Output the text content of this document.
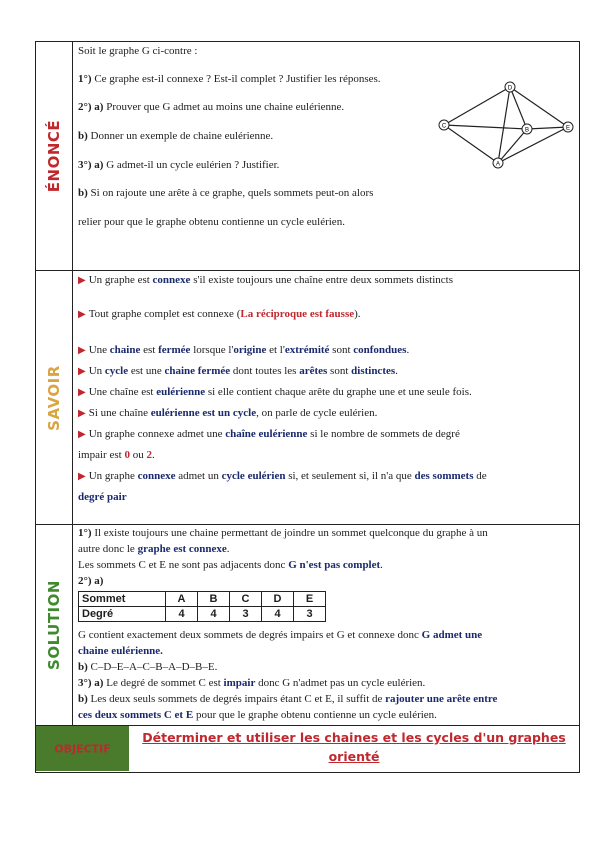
ÉNONCÉ
Soit le graphe G ci-contre :
1°) Ce graphe est-il connexe ? Est-il complet ? Justifier les réponses.
2°) a) Prouver que G admet au moins une chaine eulérienne.
b) Donner un exemple de chaine eulérienne.
3°) a) G admet-il un cycle eulérien ? Justifier.
b) Si on rajoute une arête à ce graphe, quels sommets peut-on alors
relier pour que le graphe obtenu contienne un cycle eulérien.
D
C
B	E
A
SAVOIR
▶ Un graphe est connexe s'il existe toujours une chaîne entre deux sommets distincts
▶ Tout graphe complet est connexe (La réciproque est fausse).
▶ Une chaine est fermée lorsque l'origine et l'extrémité sont confondues.
▶ Un cycle est une chaine fermée dont toutes les arêtes sont distinctes.
▶ Une chaîne est eulérienne si elle contient chaque arête du graphe une et une seule fois.
▶ Si une chaîne eulérienne est un cycle, on parle de cycle eulérien.
▶ Un graphe connexe admet une chaîne eulérienne si le nombre de sommets de degré
impair est 0 ou 2.
▶ Un graphe connexe admet un cycle eulérien si, et seulement si, il n'a que des sommets de
degré pair
SOLUTION
1°) Il existe toujours une chaine permettant de joindre un sommet quelconque du graphe à un
autre donc le graphe est connexe.
Les sommets C et E ne sont pas adjacents donc G n'est pas complet.
2°) a)
Sommet	A	B	C	D	E
Degré	4	4	3	4	3
G contient exactement deux sommets de degrés impairs et G et connexe donc G admet une
chaine eulérienne.
b) C–D–E–A–C–B–A–D–B–E.
3°) a) Le degré de sommet C est impair donc G n'admet pas un cycle eulérien.
b) Les deux seuls sommets de degrés impairs étant C et E, il suffit de rajouter une arête entre
ces deux sommets C et E pour que le graphe obtenu contienne un cycle eulérien.
OBJECTIF
Déterminer et utiliser les chaines et les cycles d'un graphes
orienté
